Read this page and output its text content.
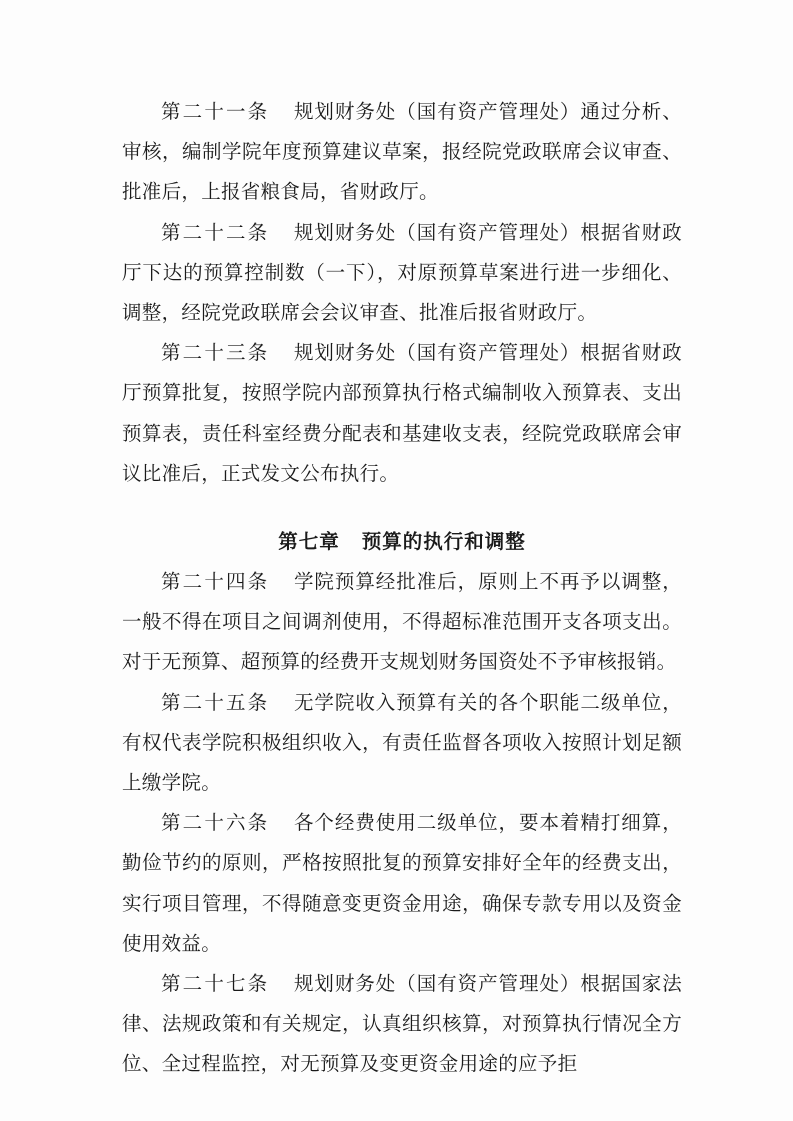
第二十一条 规划财务处（国有资产管理处）通过分析、审核，编制学院年度预算建议草案，报经院党政联席会议审查、批准后，上报省粮食局，省财政厅。

第二十二条 规划财务处（国有资产管理处）根据省财政厅下达的预算控制数（一下），对原预算草案进行进一步细化、调整，经院党政联席会会议审查、批准后报省财政厅。

第二十三条 规划财务处（国有资产管理处）根据省财政厅预算批复，按照学院内部预算执行格式编制收入预算表、支出预算表，责任科室经费分配表和基建收支表，经院党政联席会审议比准后，正式发文公布执行。

第七章 预算的执行和调整

第二十四条 学院预算经批准后，原则上不再予以调整，一般不得在项目之间调剂使用，不得超标准范围开支各项支出。对于无预算、超预算的经费开支规划财务国资处不予审核报销。

第二十五条 无学院收入预算有关的各个职能二级单位，有权代表学院积极组织收入，有责任监督各项收入按照计划足额上缴学院。

第二十六条 各个经费使用二级单位，要本着精打细算，勤俭节约的原则，严格按照批复的预算安排好全年的经费支出，实行项目管理，不得随意变更资金用途，确保专款专用以及资金使用效益。

第二十七条 规划财务处（国有资产管理处）根据国家法律、法规政策和有关规定，认真组织核算，对预算执行情况全方位、全过程监控，对无预算及变更资金用途的应予拒
